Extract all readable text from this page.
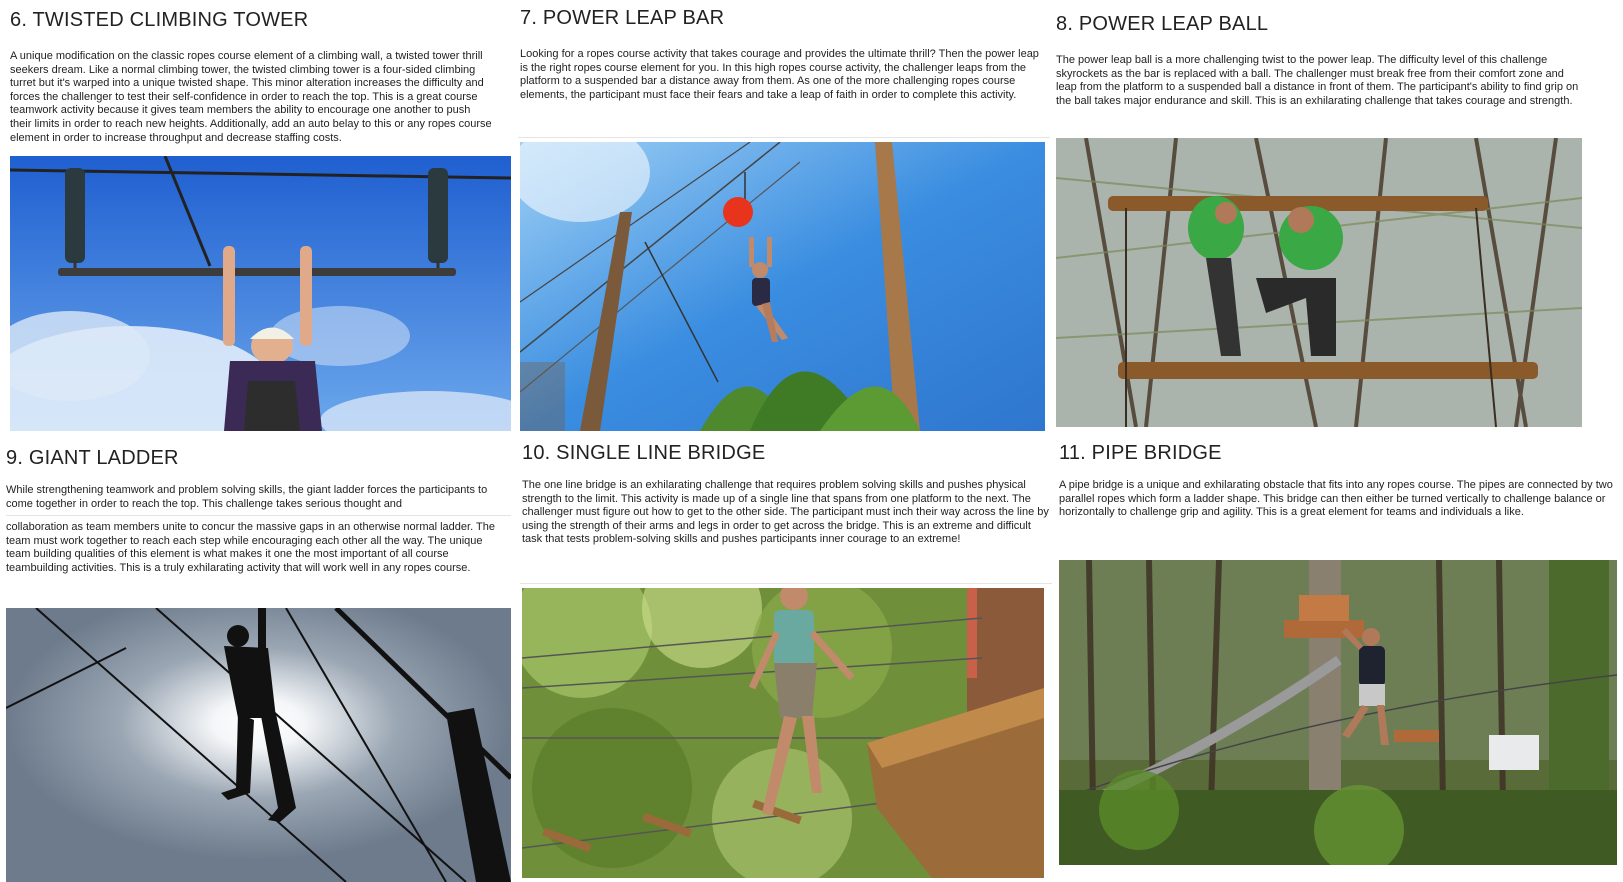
6. TWISTED CLIMBING TOWER

A unique modification on the classic ropes course element of a climbing wall, a twisted tower thrill seekers dream. Like a normal climbing tower, the twisted climbing tower is a four-sided climbing turret but it's warped into a unique twisted shape. This minor alteration increases the difficulty and forces the challenger to test their self-confidence in order to reach the top. This is a great course teamwork activity because it gives team members the ability to encourage one another to push their limits in order to reach new heights. Additionally, add an auto belay to this or any ropes course element in order to increase throughput and decrease staffing costs.

7. POWER LEAP BAR

Looking for a ropes course activity that takes courage and provides the ultimate thrill? Then the power leap is the right ropes course element for you. In this high ropes course activity, the challenger leaps from the platform to a suspended bar a distance away from them. As one of the more challenging ropes course elements, the participant must face their fears and take a leap of faith in order to complete this activity.

8. POWER LEAP BALL

The power leap ball is a more challenging twist to the power leap. The difficulty level of this challenge skyrockets as the bar is replaced with a ball. The challenger must break free from their comfort zone and leap from the platform to a suspended ball a distance in front of them. The participant's ability to find grip on the ball takes major endurance and skill. This is an exhilarating challenge that takes courage and strength.

9. GIANT LADDER

While strengthening teamwork and problem solving skills, the giant ladder forces the participants to come together in order to reach the top. This challenge takes serious thought and

collaboration as team members unite to concur the massive gaps in an otherwise normal ladder. The team must work together to reach each step while encouraging each other all the way. The unique team building qualities of this element is what makes it one the most important of all course teambuilding activities. This is a truly exhilarating activity that will work well in any ropes course.

10. SINGLE LINE BRIDGE

The one line bridge is an exhilarating challenge that requires problem solving skills and pushes physical strength to the limit. This activity is made up of a single line that spans from one platform to the next. The challenger must figure out how to get to the other side. The participant must inch their way across the line by using the strength of their arms and legs in order to get across the bridge. This is an extreme and difficult task that tests problem-solving skills and pushes participants inner courage to an extreme!

11. PIPE BRIDGE

A pipe bridge is a unique and exhilarating obstacle that fits into any ropes course. The pipes are connected by two parallel ropes which form a ladder shape. This bridge can then either be turned vertically to challenge balance or horizontally to challenge grip and agility. This is a great element for teams and individuals a like.
